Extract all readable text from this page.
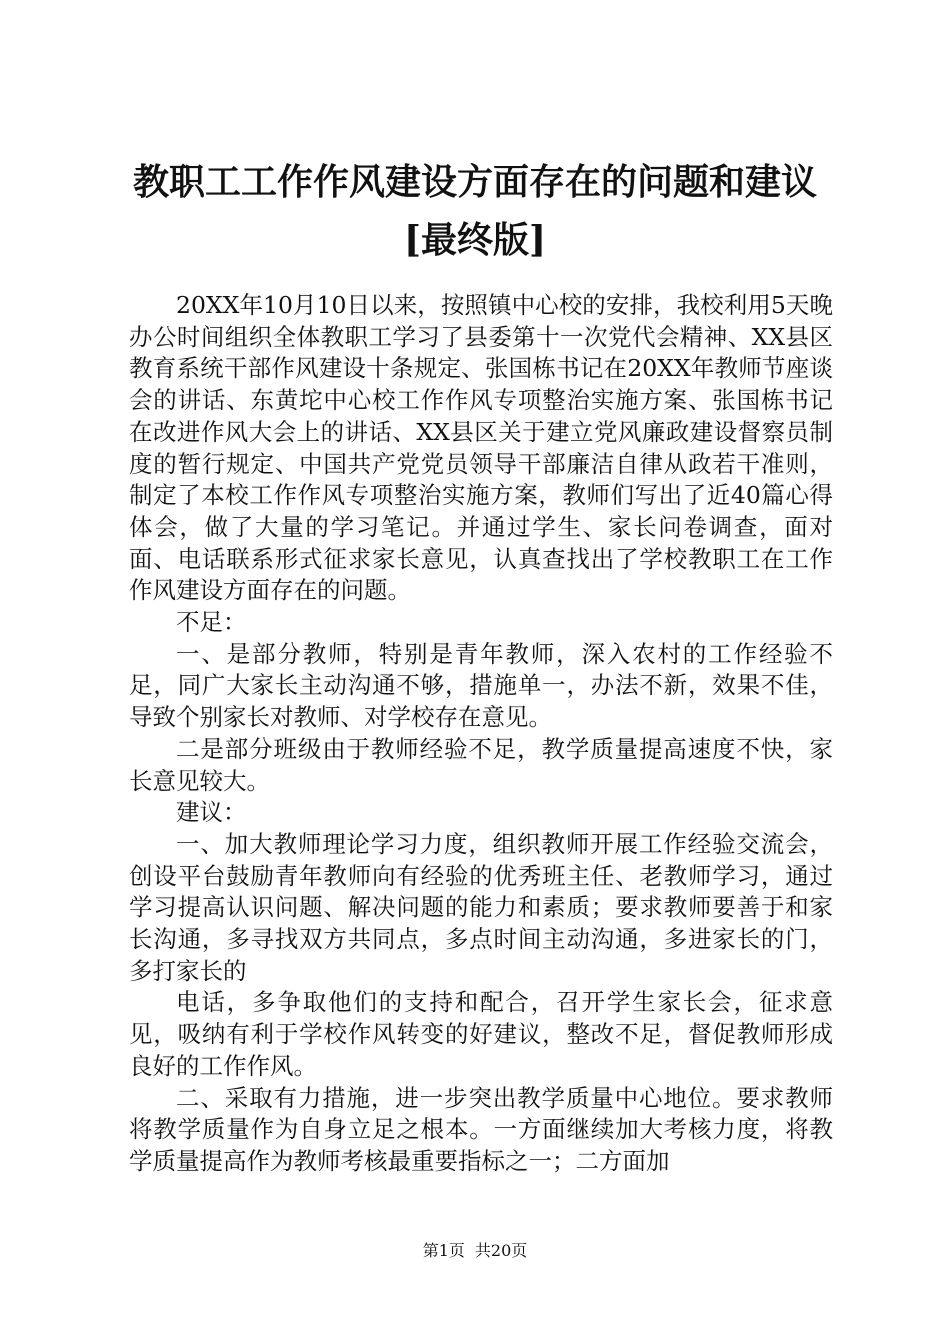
教职工工作作风建设方面存在的问题和建议
[最终版]

20XX年10月10日以来，按照镇中心校的安排，我校利用5天晚办公时间组织全体教职工学习了县委第十一次党代会精神、XX县区教育系统干部作风建设十条规定、张国栋书记在20XX年教师节座谈会的讲话、东黄坨中心校工作作风专项整治实施方案、张国栋书记在改进作风大会上的讲话、XX县区关于建立党风廉政建设督察员制度的暂行规定、中国共产党党员领导干部廉洁自律从政若干准则，制定了本校工作作风专项整治实施方案，教师们写出了近40篇心得体会，做了大量的学习笔记。并通过学生、家长问卷调查，面对面、电话联系形式征求家长意见，认真查找出了学校教职工在工作作风建设方面存在的问题。

不足：

一、是部分教师，特别是青年教师，深入农村的工作经验不足，同广大家长主动沟通不够，措施单一，办法不新，效果不佳，导致个别家长对教师、对学校存在意见。

二是部分班级由于教师经验不足，教学质量提高速度不快，家长意见较大。

建议：

一、加大教师理论学习力度，组织教师开展工作经验交流会，创设平台鼓励青年教师向有经验的优秀班主任、老教师学习，通过学习提高认识问题、解决问题的能力和素质；要求教师要善于和家长沟通，多寻找双方共同点，多点时间主动沟通，多进家长的门，多打家长的

电话，多争取他们的支持和配合，召开学生家长会，征求意见，吸纳有利于学校作风转变的好建议，整改不足，督促教师形成良好的工作作风。

二、采取有力措施，进一步突出教学质量中心地位。要求教师将教学质量作为自身立足之根本。一方面继续加大考核力度，将教学质量提高作为教师考核最重要指标之一；二方面加

第1页 共20页
